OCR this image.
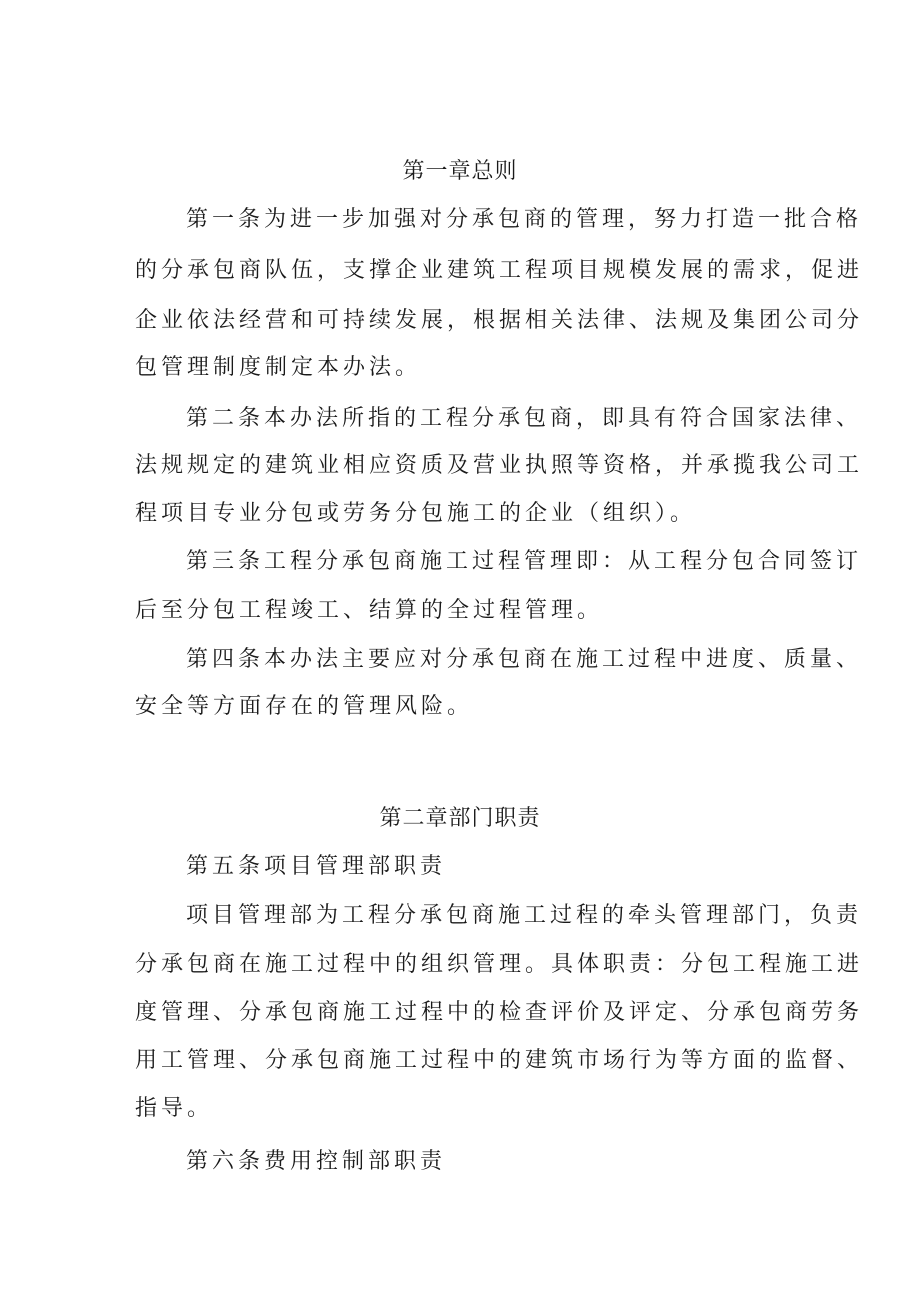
第一章总则
第一条为进一步加强对分承包商的管理，努力打造一批合格
的分承包商队伍，支撑企业建筑工程项目规模发展的需求，促进
企业依法经营和可持续发展，根据相关法律、法规及集团公司分
包管理制度制定本办法。
第二条本办法所指的工程分承包商，即具有符合国家法律、
法规规定的建筑业相应资质及营业执照等资格，并承揽我公司工
程项目专业分包或劳务分包施工的企业（组织）。
第三条工程分承包商施工过程管理即：从工程分包合同签订
后至分包工程竣工、结算的全过程管理。
第四条本办法主要应对分承包商在施工过程中进度、质量、
安全等方面存在的管理风险。
第二章部门职责
第五条项目管理部职责
项目管理部为工程分承包商施工过程的牵头管理部门，负责
分承包商在施工过程中的组织管理。具体职责：分包工程施工进
度管理、分承包商施工过程中的检查评价及评定、分承包商劳务
用工管理、分承包商施工过程中的建筑市场行为等方面的监督、
指导。
第六条费用控制部职责
